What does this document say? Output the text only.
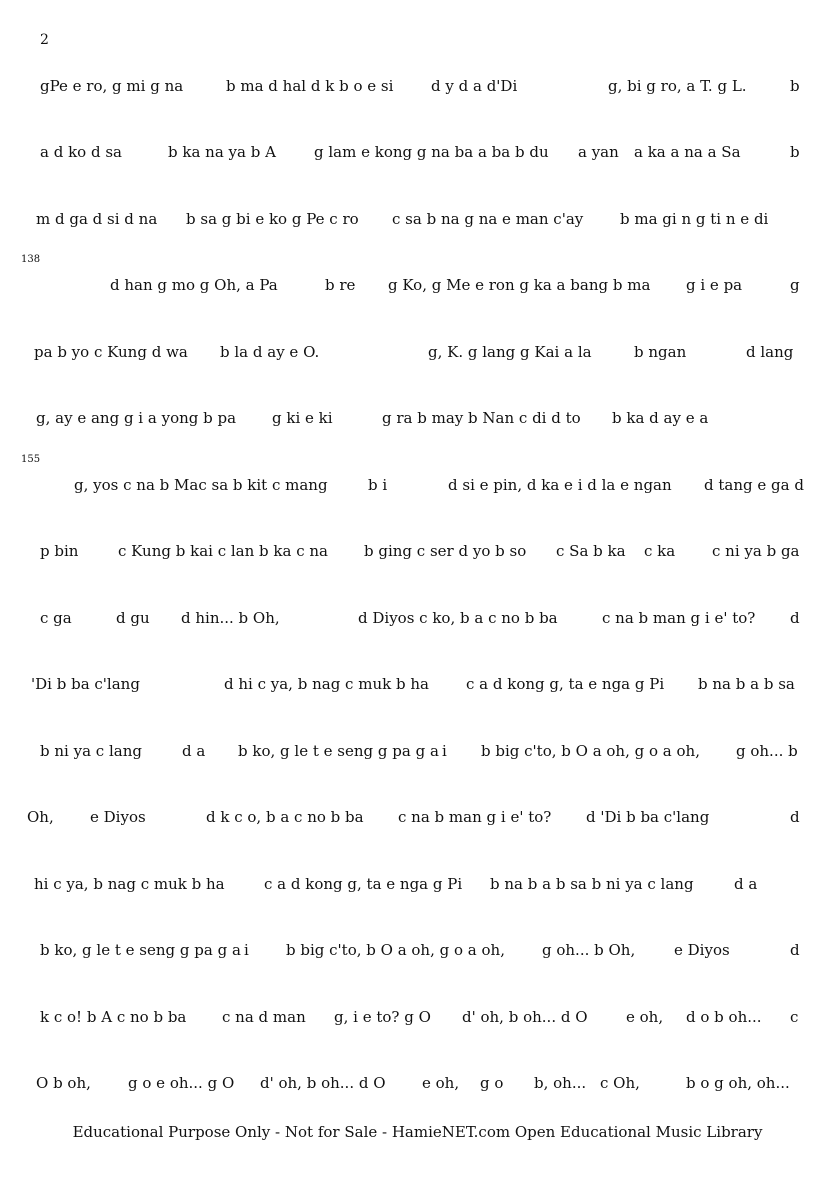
2
138
155
gPe e ro, g mi g na	b ma d hal d k b o e si	d y d a d'Di	g, bi g ro, a T. g L.	b
a d ko d sa	b ka na ya b A	g lam e kong g na ba a ba b du a yan a ka a na a Sa	b
m d ga d si d na b sa g bi e ko g Pe c ro c sa b na g na e man c'ay b ma gi n g ti n e di
d han g mo g Oh, a Pa	b re g Ko, g Me e ron g ka a bang b ma g i e pa	g
pa b yo c Kung d wa b la d ay e O.	g, K. g lang g Kai a la	b ngan	d lang
g, ay e ang g i a yong b pa g ki e ki	g ra b may b Nan c di d to b ka d ay e a
g, yos c na b Mac sa b kit c mang	b i	d si e pin, d ka e i d la e ngan d tang e ga d
p bin	c Kung b kai c lan b ka c na b ging c ser d yo b so c Sa b ka c ka c ni ya b ga
c ga	d gu d hin... b Oh,	d Diyos c ko, b a c no b ba	c na b man g i e' to? d
'Di b ba c'lang	d hi c ya, b nag c muk b ha c a d kong g, ta e nga g Pi b na b a b sa
b ni ya c lang	d a b ko, g le t e seng g pa g a i b big c'to, b O a oh, g o a oh, g oh... b
Oh, e Diyos	d k c o, b a c no b ba c na b man g i e' to? d 'Di b ba c'lang	d
hi c ya, b nag c muk b ha	c a d kong g, ta e nga g Pi b na b a b sa b ni ya c lang	d a
b ko, g le t e seng g pa g a i b big c'to, b O a oh, g o a oh, g oh... b Oh,	e Diyos	d
k c o! b A c no b ba c na d man g, i e to? g O d' oh, b oh... d O	e oh, d o b oh... c
O b oh, g o e oh... g O d' oh, b oh... d O e oh, g o b, oh... c Oh,	b o g oh, oh...
Educational Purpose Only - Not for Sale - HamieNET.com Open Educational Music Library
